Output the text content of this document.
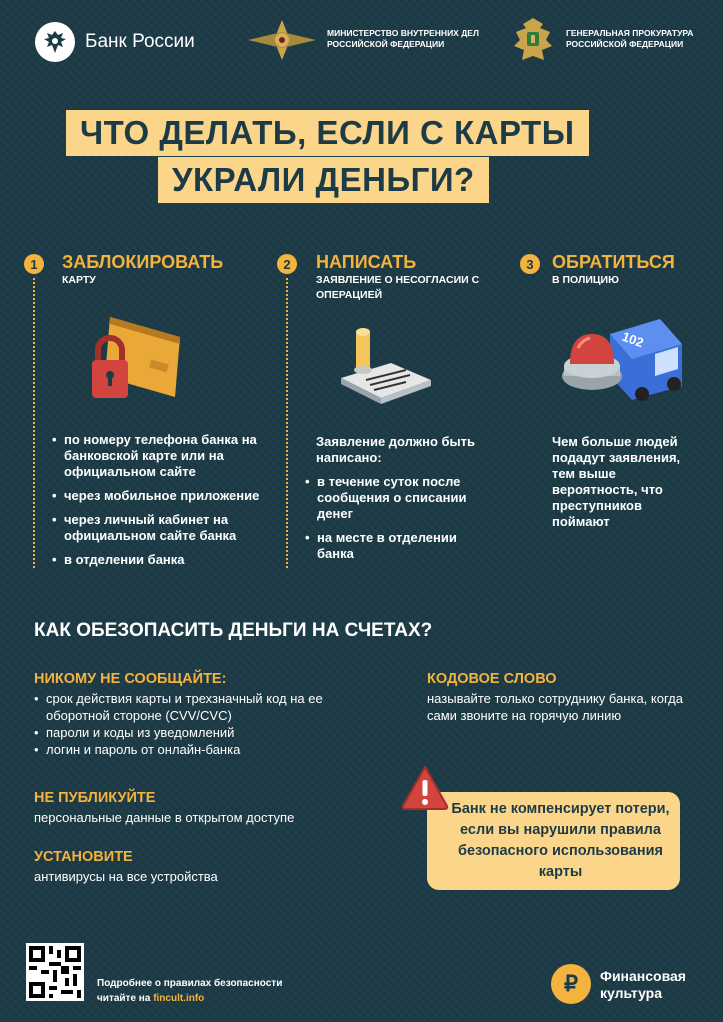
Банк России	МИНИСТЕРСТВО ВНУТРЕННИХ ДЕЛ РОССИЙСКОЙ ФЕДЕРАЦИИ
ГЕНЕРАЛЬНАЯ ПРОКУРАТУРА РОССИЙСКОЙ ФЕДЕРАЦИИ
ЧТО ДЕЛАТЬ, ЕСЛИ С КАРТЫ
УКРАЛИ ДЕНЬГИ?
1	ЗАБЛОКИРОВАТЬ
КАРТУ
• по номеру телефона банка на банковской карте или на официальном сайте
• через мобильное приложение
• через личный кабинет на официальном сайте банка
• в отделении банка
2	НАПИСАТЬ
ЗАЯВЛЕНИЕ О НЕСОГЛАСИИ С ОПЕРАЦИЕЙ
Заявление должно быть написано:
• в течение суток после сообщения о списании денег
• на месте в отделении банка
3	ОБРАТИТЬСЯ
В ПОЛИЦИЮ
102
Чем больше людей подадут заявления, тем выше вероятность, что преступников поймают
КАК ОБЕЗОПАСИТЬ ДЕНЬГИ НА СЧЕТАХ?
НИКОМУ НЕ СООБЩАЙТЕ:
• срок действия карты и трехзначный код на ее оборотной стороне (CVV/CVC)
• пароли и коды из уведомлений
• логин и пароль от онлайн-банка
НЕ ПУБЛИКУЙТЕ
персональные данные в открытом доступе
УСТАНОВИТЕ
антивирусы на все устройства
КОДОВОЕ СЛОВО
называйте только сотруднику банка, когда сами звоните на горячую линию
Банк не компенсирует потери, если вы нарушили правила безопасного использования карты
Подробнее о правилах безопасности
читайте на fincult.info
₽	Финансовая
культура
